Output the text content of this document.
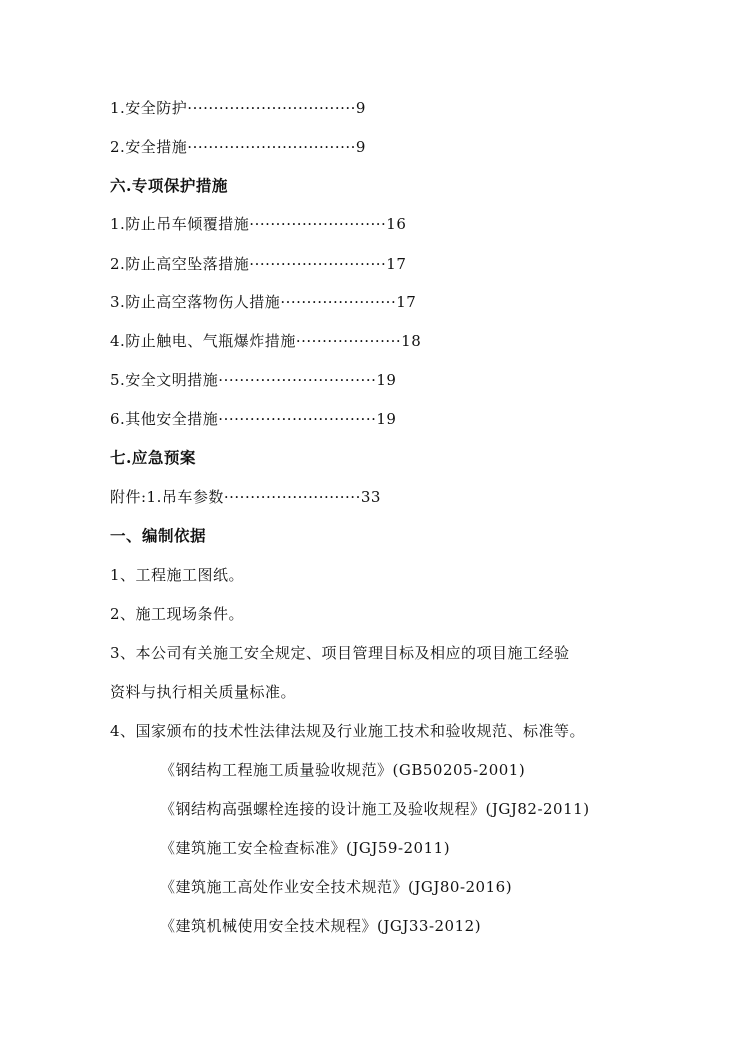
1.安全防护································9
2.安全措施································9
六.专项保护措施
1.防止吊车倾覆措施··························16
2.防止高空坠落措施··························17
3.防止高空落物伤人措施······················17
4.防止触电、气瓶爆炸措施····················18
5.安全文明措施······························19
6.其他安全措施······························19
七.应急预案
附件:1.吊车参数··························33
一、编制依据
1、工程施工图纸。
2、施工现场条件。
3、本公司有关施工安全规定、项目管理目标及相应的项目施工经验
资料与执行相关质量标准。
4、国家颁布的技术性法律法规及行业施工技术和验收规范、标准等。
《钢结构工程施工质量验收规范》(GB50205-2001)
《钢结构高强螺栓连接的设计施工及验收规程》(JGJ82-2011)
《建筑施工安全检查标准》(JGJ59-2011)
《建筑施工高处作业安全技术规范》(JGJ80-2016)
《建筑机械使用安全技术规程》(JGJ33-2012)
